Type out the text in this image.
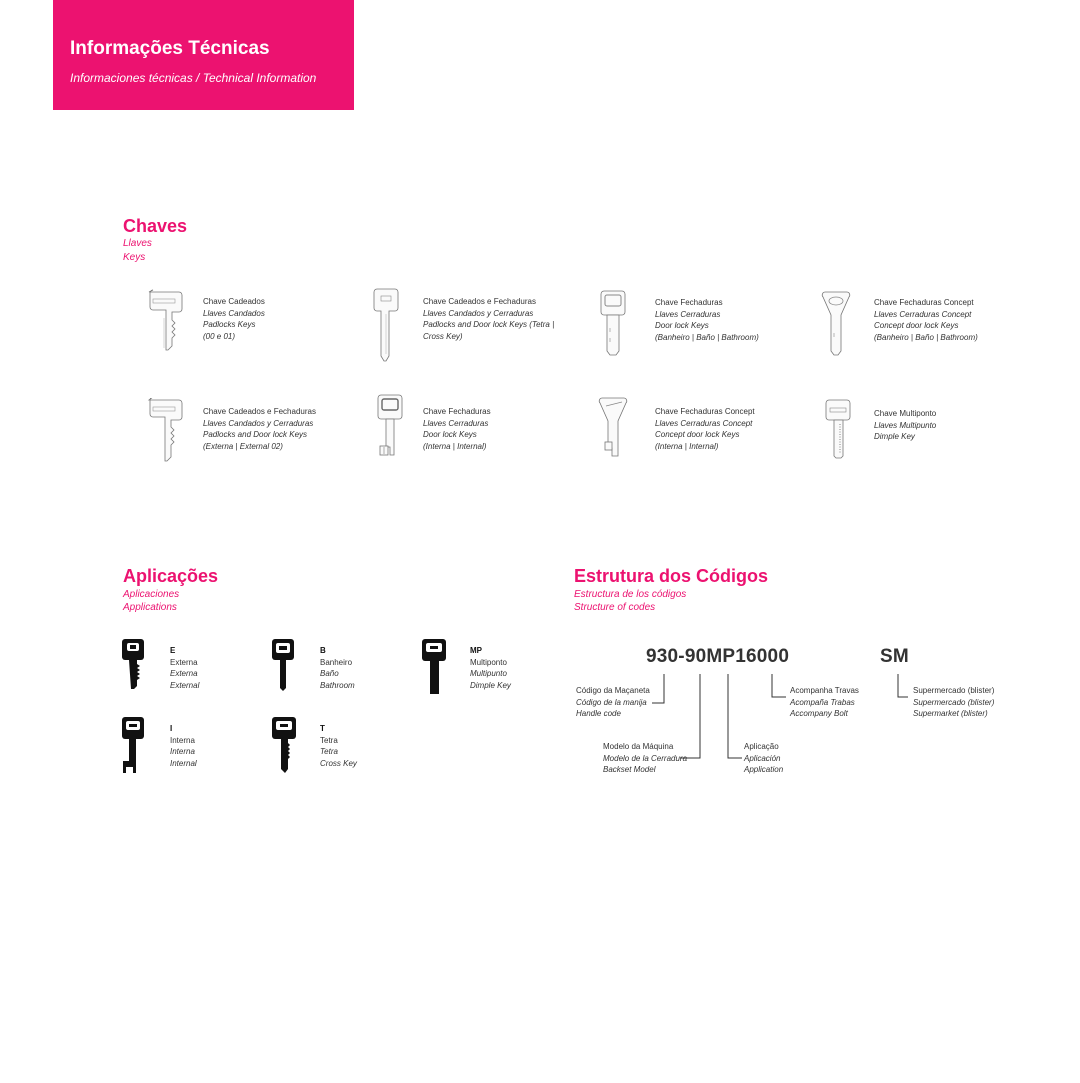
Informações Técnicas
Informaciones técnicas / Technical Information
Chaves
Llaves
Keys
Chave Cadeados
Llaves Candados
Padlocks Keys
(00 e 01)
Chave Cadeados e Fechaduras
Llaves Candados y Cerraduras
Padlocks and Door lock Keys (Tetra |
Cross Key)
Chave Fechaduras
Llaves Cerraduras
Door lock Keys
(Banheiro | Baño | Bathroom)
Chave Fechaduras Concept
Llaves Cerraduras Concept
Concept door lock Keys
(Banheiro | Baño | Bathroom)
Chave Cadeados e Fechaduras
Llaves Candados y Cerraduras
Padlocks and Door lock Keys
(Externa | External 02)
Chave Fechaduras
Llaves Cerraduras
Door lock Keys
(Interna | Internal)
Chave Fechaduras Concept
Llaves Cerraduras Concept
Concept door lock Keys
(Interna | Internal)
Chave Multiponto
Llaves Multipunto
Dimple Key
Aplicações
Aplicaciones
Applications
E
Externa
Externa
External
B
Banheiro
Baño
Bathroom
MP
Multiponto
Multipunto
Dimple Key
I
Interna
Interna
Internal
T
Tetra
Tetra
Cross Key
Estrutura dos Códigos
Estructura de los códigos
Structure of codes
930-90MP16000	SM
Código da Maçaneta
Código de la manija
Handle code
Modelo da Máquina
Modelo de la Cerradura
Backset Model
Aplicação
Aplicación
Application
Acompanha Travas
Acompaña Trabas
Accompany Bolt
Supermercado (blister)
Supermercado (blister)
Supermarket (blister)
